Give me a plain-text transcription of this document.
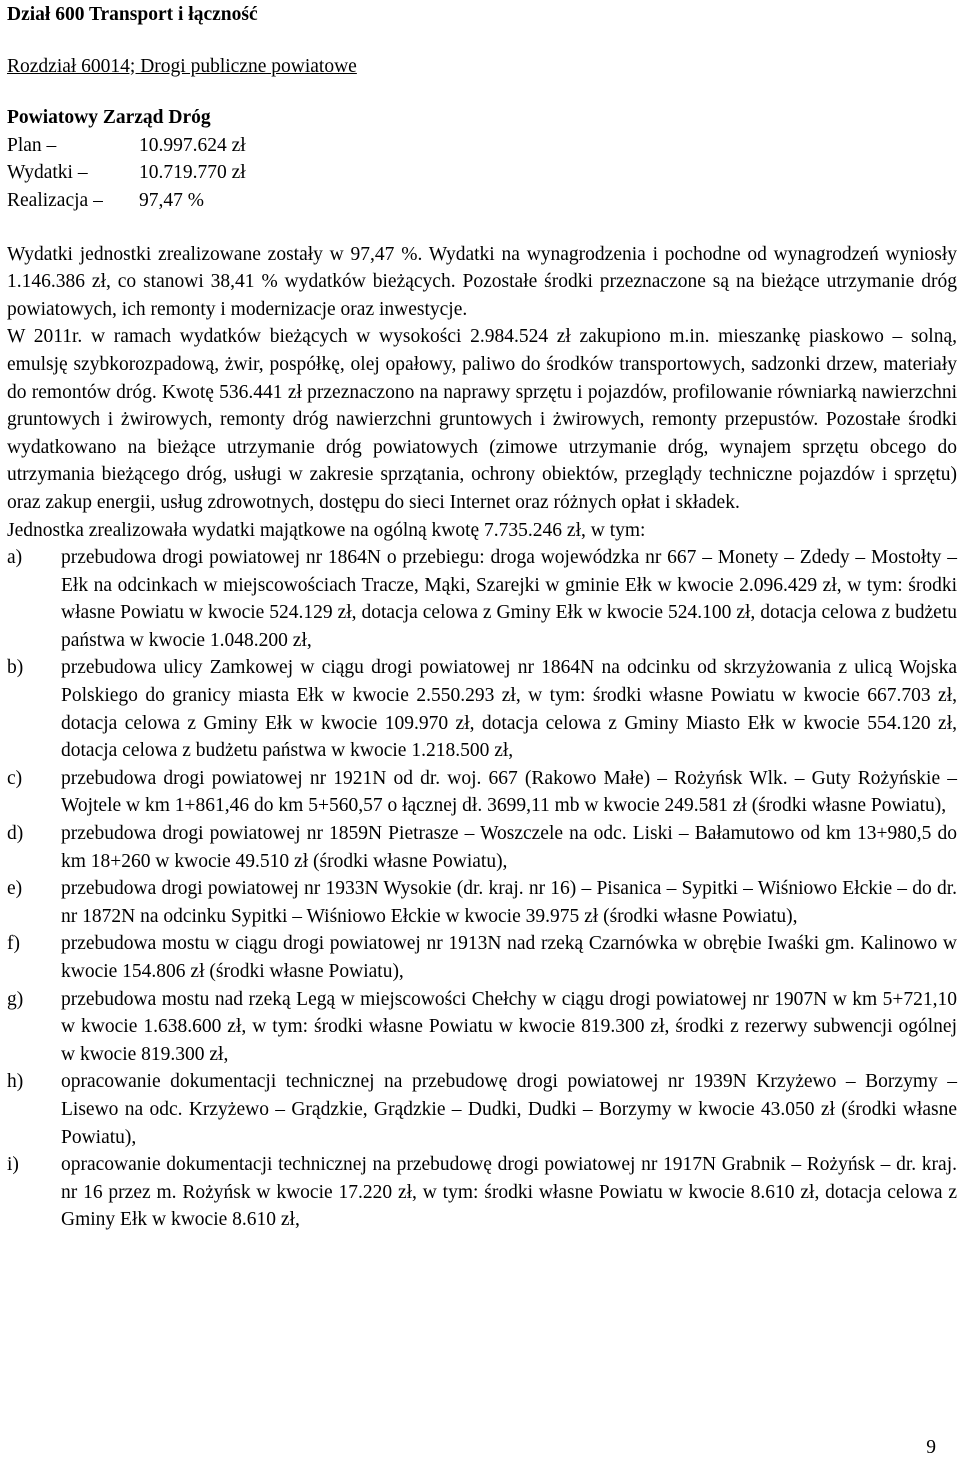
Dział 600 Transport i łączność
Rozdział 60014; Drogi publiczne powiatowe
Powiatowy Zarząd Dróg
Plan –	10.997.624 zł
Wydatki –	10.719.770 zł
Realizacja –	97,47 %
Wydatki jednostki zrealizowane zostały w 97,47 %. Wydatki na wynagrodzenia i pochodne od wynagrodzeń wyniosły 1.146.386 zł, co stanowi 38,41 % wydatków bieżących. Pozostałe środki przeznaczone są na bieżące utrzymanie dróg powiatowych, ich remonty i modernizacje oraz inwestycje.
W 2011r. w ramach wydatków bieżących w wysokości 2.984.524 zł zakupiono m.in. mieszankę piaskowo – solną, emulsję szybkorozpadową, żwir, pospółkę, olej opałowy, paliwo do środków transportowych, sadzonki drzew, materiały do remontów dróg. Kwotę 536.441 zł przeznaczono na naprawy sprzętu i pojazdów, profilowanie równiarką nawierzchni gruntowych i żwirowych, remonty dróg nawierzchni gruntowych i żwirowych, remonty przepustów. Pozostałe środki wydatkowano na bieżące utrzymanie dróg powiatowych (zimowe utrzymanie dróg, wynajem sprzętu obcego do utrzymania bieżącego dróg, usługi w zakresie sprzątania, ochrony obiektów, przeglądy techniczne pojazdów i sprzętu) oraz zakup energii, usług zdrowotnych, dostępu do sieci Internet oraz różnych opłat i składek.
Jednostka zrealizowała wydatki majątkowe na ogólną kwotę 7.735.246 zł, w tym:
a)	przebudowa drogi powiatowej nr 1864N o przebiegu: droga wojewódzka nr 667 – Monety – Zdedy – Mostołty – Ełk na odcinkach w miejscowościach Tracze, Mąki, Szarejki w gminie Ełk w kwocie 2.096.429 zł, w tym: środki własne Powiatu w kwocie 524.129 zł, dotacja celowa z Gminy Ełk w kwocie 524.100 zł, dotacja celowa z budżetu państwa w kwocie 1.048.200 zł,
b)	przebudowa ulicy Zamkowej w ciągu drogi powiatowej nr 1864N na odcinku od skrzyżowania z ulicą Wojska Polskiego do granicy miasta Ełk w kwocie 2.550.293 zł, w tym: środki własne Powiatu w kwocie 667.703 zł, dotacja celowa z Gminy Ełk w kwocie 109.970 zł, dotacja celowa z Gminy Miasto Ełk w kwocie 554.120 zł, dotacja celowa z budżetu państwa w kwocie 1.218.500 zł,
c)	przebudowa drogi powiatowej nr 1921N od dr. woj. 667 (Rakowo Małe) – Rożyńsk Wlk. – Guty Rożyńskie – Wojtele w km 1+861,46 do km 5+560,57 o łącznej dł. 3699,11 mb w kwocie 249.581 zł (środki własne Powiatu),
d)	przebudowa drogi powiatowej nr 1859N Pietrasze – Woszczele na odc. Liski – Bałamutowo od km 13+980,5 do km 18+260 w kwocie 49.510 zł (środki własne Powiatu),
e)	przebudowa drogi powiatowej nr 1933N Wysokie (dr. kraj. nr 16) – Pisanica – Sypitki – Wiśniowo Ełckie – do dr. nr 1872N na odcinku Sypitki – Wiśniowo Ełckie w kwocie 39.975 zł (środki własne Powiatu),
f)	przebudowa mostu w ciągu drogi powiatowej nr 1913N nad rzeką Czarnówka w obrębie Iwaśki gm. Kalinowo w kwocie 154.806 zł (środki własne Powiatu),
g)	przebudowa mostu nad rzeką Legą w miejscowości Chełchy w ciągu drogi powiatowej nr 1907N w km 5+721,10 w kwocie 1.638.600 zł, w tym: środki własne Powiatu w kwocie 819.300 zł, środki z rezerwy subwencji ogólnej w kwocie 819.300 zł,
h)	opracowanie dokumentacji technicznej na przebudowę drogi powiatowej nr 1939N Krzyżewo – Borzymy – Lisewo na odc. Krzyżewo – Grądzkie, Grądzkie – Dudki, Dudki – Borzymy w kwocie 43.050 zł (środki własne Powiatu),
i)	opracowanie dokumentacji technicznej na przebudowę drogi powiatowej nr 1917N Grabnik – Rożyńsk – dr. kraj. nr 16 przez m. Rożyńsk w kwocie 17.220 zł, w tym: środki własne Powiatu w kwocie 8.610 zł, dotacja celowa z Gminy Ełk w kwocie 8.610 zł,
9
